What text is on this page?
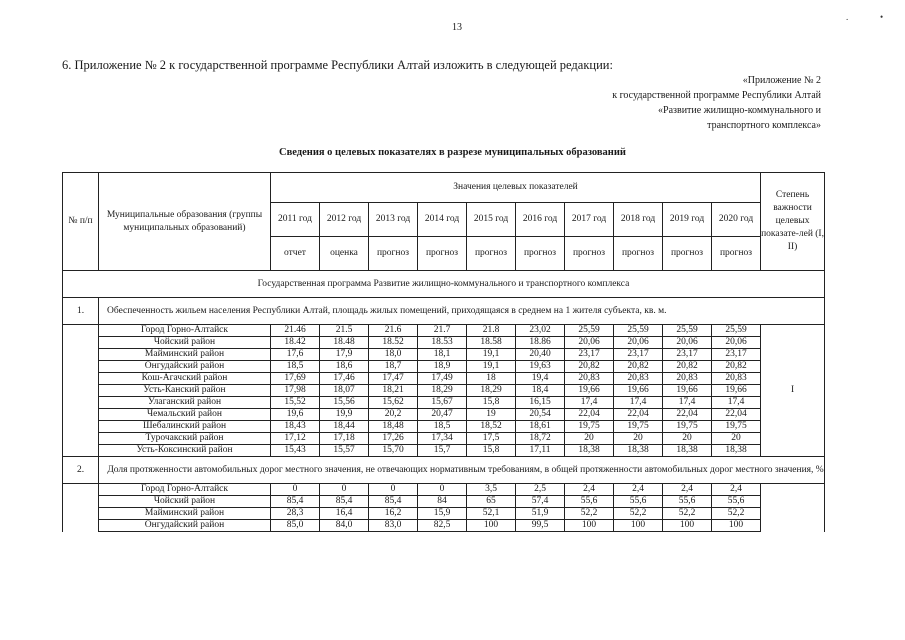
.	•
13
6. Приложение № 2 к государственной программе Республики Алтай изложить в следующей редакции:
«Приложение № 2
к государственной программе Республики Алтай
«Развитие жилищно-коммунального и
транспортного комплекса»
Сведения о целевых показателях в разрезе муниципальных образований
№ п/п	Муниципальные образования (группы муниципальных образований)	Значения целевых показателей										Степень важности целевых показате-лей (I, II)
		2011 год	2012 год	2013 год	2014 год	2015 год	2016 год	2017 год	2018 год	2019 год	2020 год	
		отчет	оценка	прогноз	прогноз	прогноз	прогноз	прогноз	прогноз	прогноз	прогноз	
Государственная программа Развитие жилищно-коммунального и транспортного комплекса												
1.	Обеспеченность жильем населения Республики Алтай, площадь жилых помещений, приходящаяся в среднем на 1 жителя субъекта, кв. м.											
	Город Горно-Алтайск	21.46	21.5	21.6	21.7	21.8	23,02	25,59	25,59	25,59	25,59	I
	Чойский район	18.42	18.48	18.52	18.53	18.58	18.86	20,06	20,06	20,06	20,06	
	Майминский район	17,6	17,9	18,0	18,1	19,1	20,40	23,17	23,17	23,17	23,17	
	Онгудайский район	18,5	18,6	18,7	18,9	19,1	19,63	20,82	20,82	20,82	20,82	
	Кош-Агачский район	17,69	17,46	17,47	17,49	18	19,4	20,83	20,83	20,83	20,83	
	Усть-Канский район	17,98	18,07	18,21	18,29	18,29	18,4	19,66	19,66	19,66	19,66	
	Улаганский район	15,52	15,56	15,62	15,67	15,8	16,15	17,4	17,4	17,4	17,4	
	Чемальский район	19,6	19,9	20,2	20,47	19	20,54	22,04	22,04	22,04	22,04	
	Шебалинский район	18,43	18,44	18,48	18,5	18,52	18,61	19,75	19,75	19,75	19,75	
	Турочакский район	17,12	17,18	17,26	17,34	17,5	18,72	20	20	20	20	
	Усть-Коксинский район	15,43	15,57	15,70	15,7	15,8	17,11	18,38	18,38	18,38	18,38	
2.	Доля протяженности автомобильных дорог местного значения, не отвечающих нормативным требованиям, в общей протяженности автомобильных дорог местного значения, %											
	Город Горно-Алтайск	0	0	0	0	3,5	2,5	2,4	2,4	2,4	2,4	
	Чойский район	85,4	85,4	85,4	84	65	57,4	55,6	55,6	55,6	55,6	
	Майминский район	28,3	16,4	16,2	15,9	52,1	51,9	52,2	52,2	52,2	52,2	
	Онгудайский район	85,0	84,0	83,0	82,5	100	99,5	100	100	100	100	
